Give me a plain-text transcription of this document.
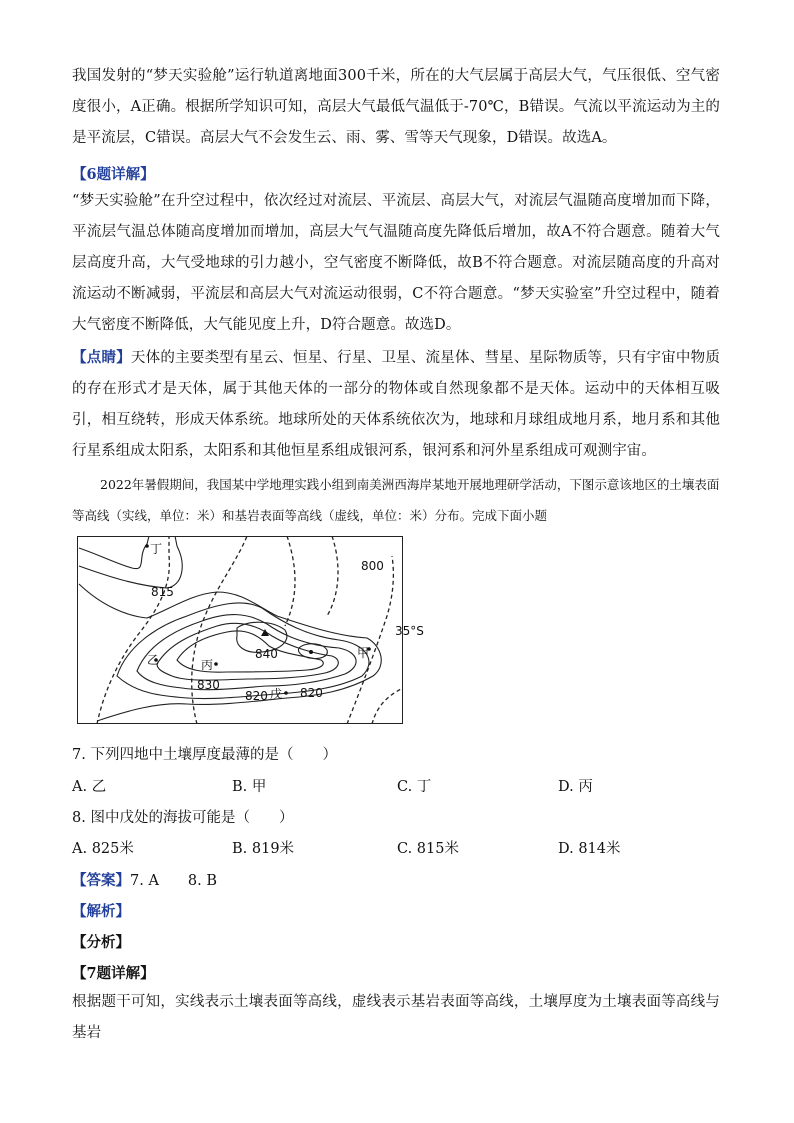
我国发射的“梦天实验舱”运行轨道离地面300千米，所在的大气层属于高层大气，气压很低、空气密度很小，A正确。根据所学知识可知，高层大气最低气温低于-70℃，B错误。气流以平流运动为主的是平流层，C错误。高层大气不会发生云、雨、雾、雪等天气现象，D错误。故选A。
【6题详解】
“梦天实验舱”在升空过程中，依次经过对流层、平流层、高层大气，对流层气温随高度增加而下降，平流层气温总体随高度增加而增加，高层大气气温随高度先降低后增加，故A不符合题意。随着大气层高度升高，大气受地球的引力越小，空气密度不断降低，故B不符合题意。对流层随高度的升高对流运动不断减弱，平流层和高层大气对流运动很弱，C不符合题意。“梦天实验室”升空过程中，随着大气密度不断降低，大气能见度上升，D符合题意。故选D。
【点睛】天体的主要类型有星云、恒星、行星、卫星、流星体、彗星、星际物质等，只有宇宙中物质的存在形式才是天体，属于其他天体的一部分的物体或自然现象都不是天体。运动中的天体相互吸引，相互绕转，形成天体系统。地球所处的天体系统依次为，地球和月球组成地月系，地月系和其他行星系组成太阳系，太阳系和其他恒星系组成银河系，银河系和河外星系组成可观测宇宙。
2022年暑假期间，我国某中学地理实践小组到南美洲西海岸某地开展地理研学活动，下图示意该地区的土壤表面等高线（实线，单位：米）和基岩表面等高线（虚线，单位：米）分布。完成下面小题
丁
乙	丙
甲
戊
815
800
840
830
820	820
35°S
7. 下列四地中土壤厚度最薄的是（　　）
A. 乙	B. 甲	C. 丁	D. 丙
8. 图中戊处的海拔可能是（　　）
A. 825米	B. 819米	C. 815米	D. 814米
【答案】7. A　　8. B
【解析】
【分析】
【7题详解】
根据题干可知，实线表示土壤表面等高线，虚线表示基岩表面等高线，土壤厚度为土壤表面等高线与基岩
